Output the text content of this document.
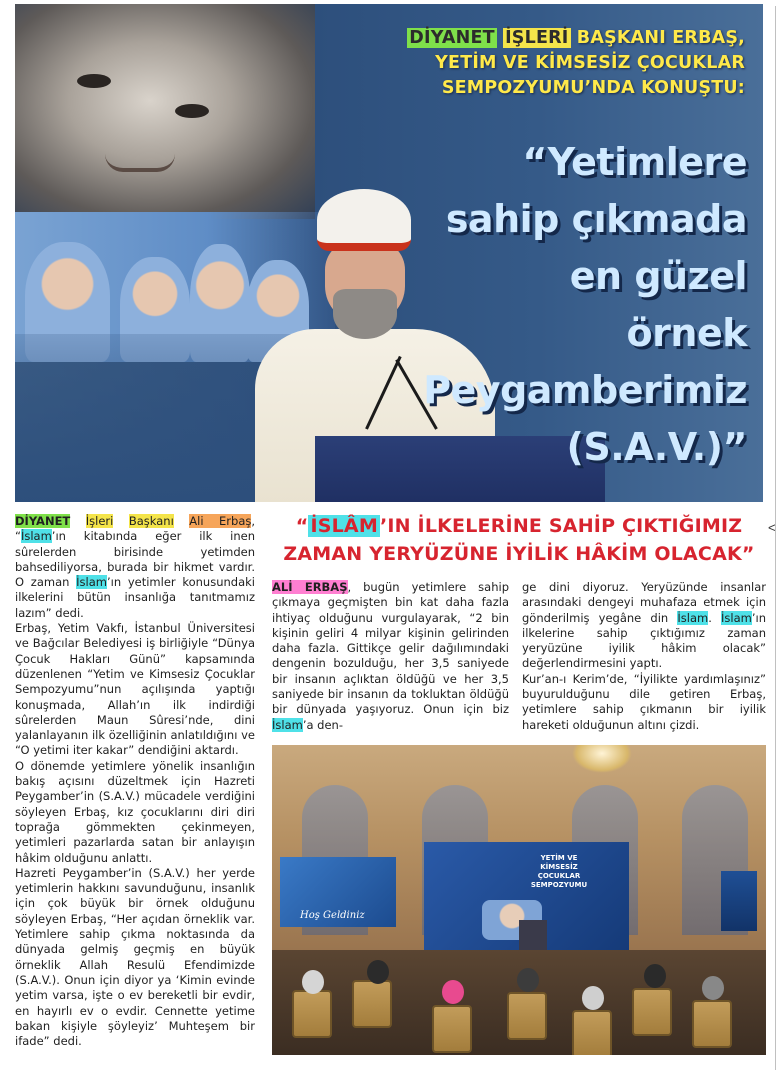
<
DİYANET İŞLERİ BAŞKANI ERBAŞ,
YETİM VE KİMSESİZ ÇOCUKLAR
SEMPOZYUMU’NDA KONUŞTU:
“Yetimlere
sahip çıkmada
en güzel
örnek
Peygamberimiz
(S.A.V.)”

DİYANET İşleri Başkanı Ali Erbaş, “İslam’ın kitabında eğer ilk inen sûrelerden birisinde yetimden bahsediliyorsa, burada bir hikmet vardır. O zaman İslam’ın yetimler konusundaki ilkelerini bütün insanlığa tanıtmamız lazım” dedi.

Erbaş, Yetim Vakfı, İstanbul Üniversitesi ve Bağcılar Belediyesi iş birliğiyle “Dünya Çocuk Hakları Günü” kapsamında düzenlenen “Yetim ve Kimsesiz Çocuklar Sempozyumu”nun açılışında yaptığı konuşmada, Allah’ın ilk indirdiği sûrelerden Maun Sûresi’nde, dini yalanlayanın ilk özelliğinin anlatıldığını ve “O yetimi iter kakar” dendiğini aktardı.

O dönemde yetimlere yönelik insanlığın bakış açısını düzeltmek için Hazreti Peygamber’in (S.A.V.) mücadele verdiğini söyleyen Erbaş, kız çocuklarını diri diri toprağa gömmekten çekinmeyen, yetimleri pazarlarda satan bir anlayışın hâkim olduğunu anlattı.

Hazreti Peygamber’in (S.A.V.) her yerde yetimlerin hakkını savunduğunu, insanlık için çok büyük bir örnek olduğunu söyleyen Erbaş, “Her açıdan örneklik var. Yetimlere sahip çıkma noktasında da dünyada gelmiş geçmiş en büyük örneklik Allah Resulü Efendimizde (S.A.V.). Onun için diyor ya ‘Kimin evinde yetim varsa, işte o ev bereketli bir evdir, en hayırlı ev o evdir. Cennette yetime bakan kişiyle şöyleyiz’ Muhteşem bir ifade” dedi.

“ İSLÂM ’IN İLKELERİNE SAHİP ÇIKTIĞIMIZ
ZAMAN YERYÜZÜNE İYİLİK HÂKİM OLACAK”

ALİ ERBAŞ, bugün yetimlere sahip çıkmaya geçmişten bin kat daha fazla ihtiyaç olduğunu vurgulayarak, “2 bin kişinin geliri 4 milyar kişinin gelirinden daha fazla. Gittikçe gelir dağılımındaki dengenin bozulduğu, her 3,5 saniyede bir insanın açlıktan öldüğü ve her 3,5 saniyede bir insanın da tokluktan öldüğü bir dünyada yaşıyoruz. Onun için biz İslam’a den-

ge dini diyoruz. Yeryüzünde insanlar arasındaki dengeyi muhafaza etmek için gönderilmiş yegâne din İslam. İslam’ın ilkelerine sahip çıktığımız zaman yeryüzüne iyilik hâkim olacak” değerlendirmesini yaptı.

Kur’an-ı Kerim’de, “İyilikte yardımlaşınız” buyurulduğunu dile getiren Erbaş, yetimlere sahip çıkmanın bir iyilik hareketi olduğunun altını çizdi.

Hoş Geldiniz
YETİM VE
KİMSESİZ
ÇOCUKLAR
SEMPOZYUMU
